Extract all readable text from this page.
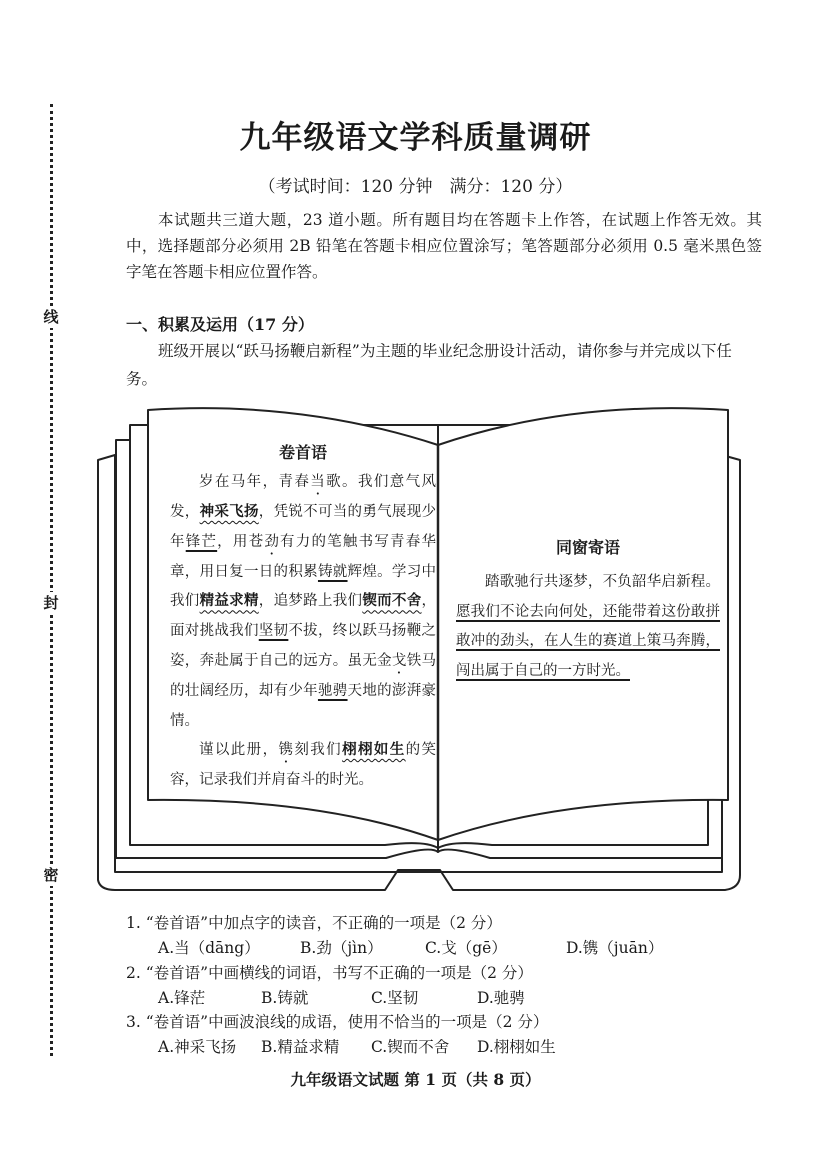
线
封
密
九年级语文学科质量调研
（考试时间：120 分钟　满分：120 分）

本试题共三道大题，23 道小题。所有题目均在答题卡上作答，在试题上作答无效。其中，选择题部分必须用 2B 铅笔在答题卡相应位置涂写；笔答题部分必须用 0.5 毫米黑色签字笔在答题卡相应位置作答。

一、积累及运用（17 分）

班级开展以“跃马扬鞭启新程”为主题的毕业纪念册设计活动，请你参与并完成以下任务。

卷首语

岁在马年，青春当歌。我们意气风发，神采飞扬，凭锐不可当的勇气展现少年锋芒，用苍劲有力的笔触书写青春华章，用日复一日的积累铸就辉煌。学习中我们精益求精，追梦路上我们锲而不舍，面对挑战我们坚韧不拔，终以跃马扬鞭之姿，奔赴属于自己的远方。虽无金戈铁马的壮阔经历，却有少年驰骋天地的澎湃豪情。

谨以此册，镌刻我们栩栩如生的笑容，记录我们并肩奋斗的时光。

同窗寄语

踏歌驰行共逐梦，不负韶华启新程。愿我们不论去向何处，还能带着这份敢拼敢冲的劲头，在人生的赛道上策马奔腾，闯出属于自己的一方时光。

1. “卷首语”中加点字的读音，不正确的一项是（2 分）
A.当（dāng）	B.劲（jìn）	C.戈（gē）	D.镌（juān）
2. “卷首语”中画横线的词语，书写不正确的一项是（2 分）
A.锋茫	B.铸就	C.坚韧	D.驰骋
3. “卷首语”中画波浪线的成语，使用不恰当的一项是（2 分）
A.神采飞扬 B.精益求精 C.锲而不舍 D.栩栩如生
九年级语文试题 第 1 页（共 8 页）
